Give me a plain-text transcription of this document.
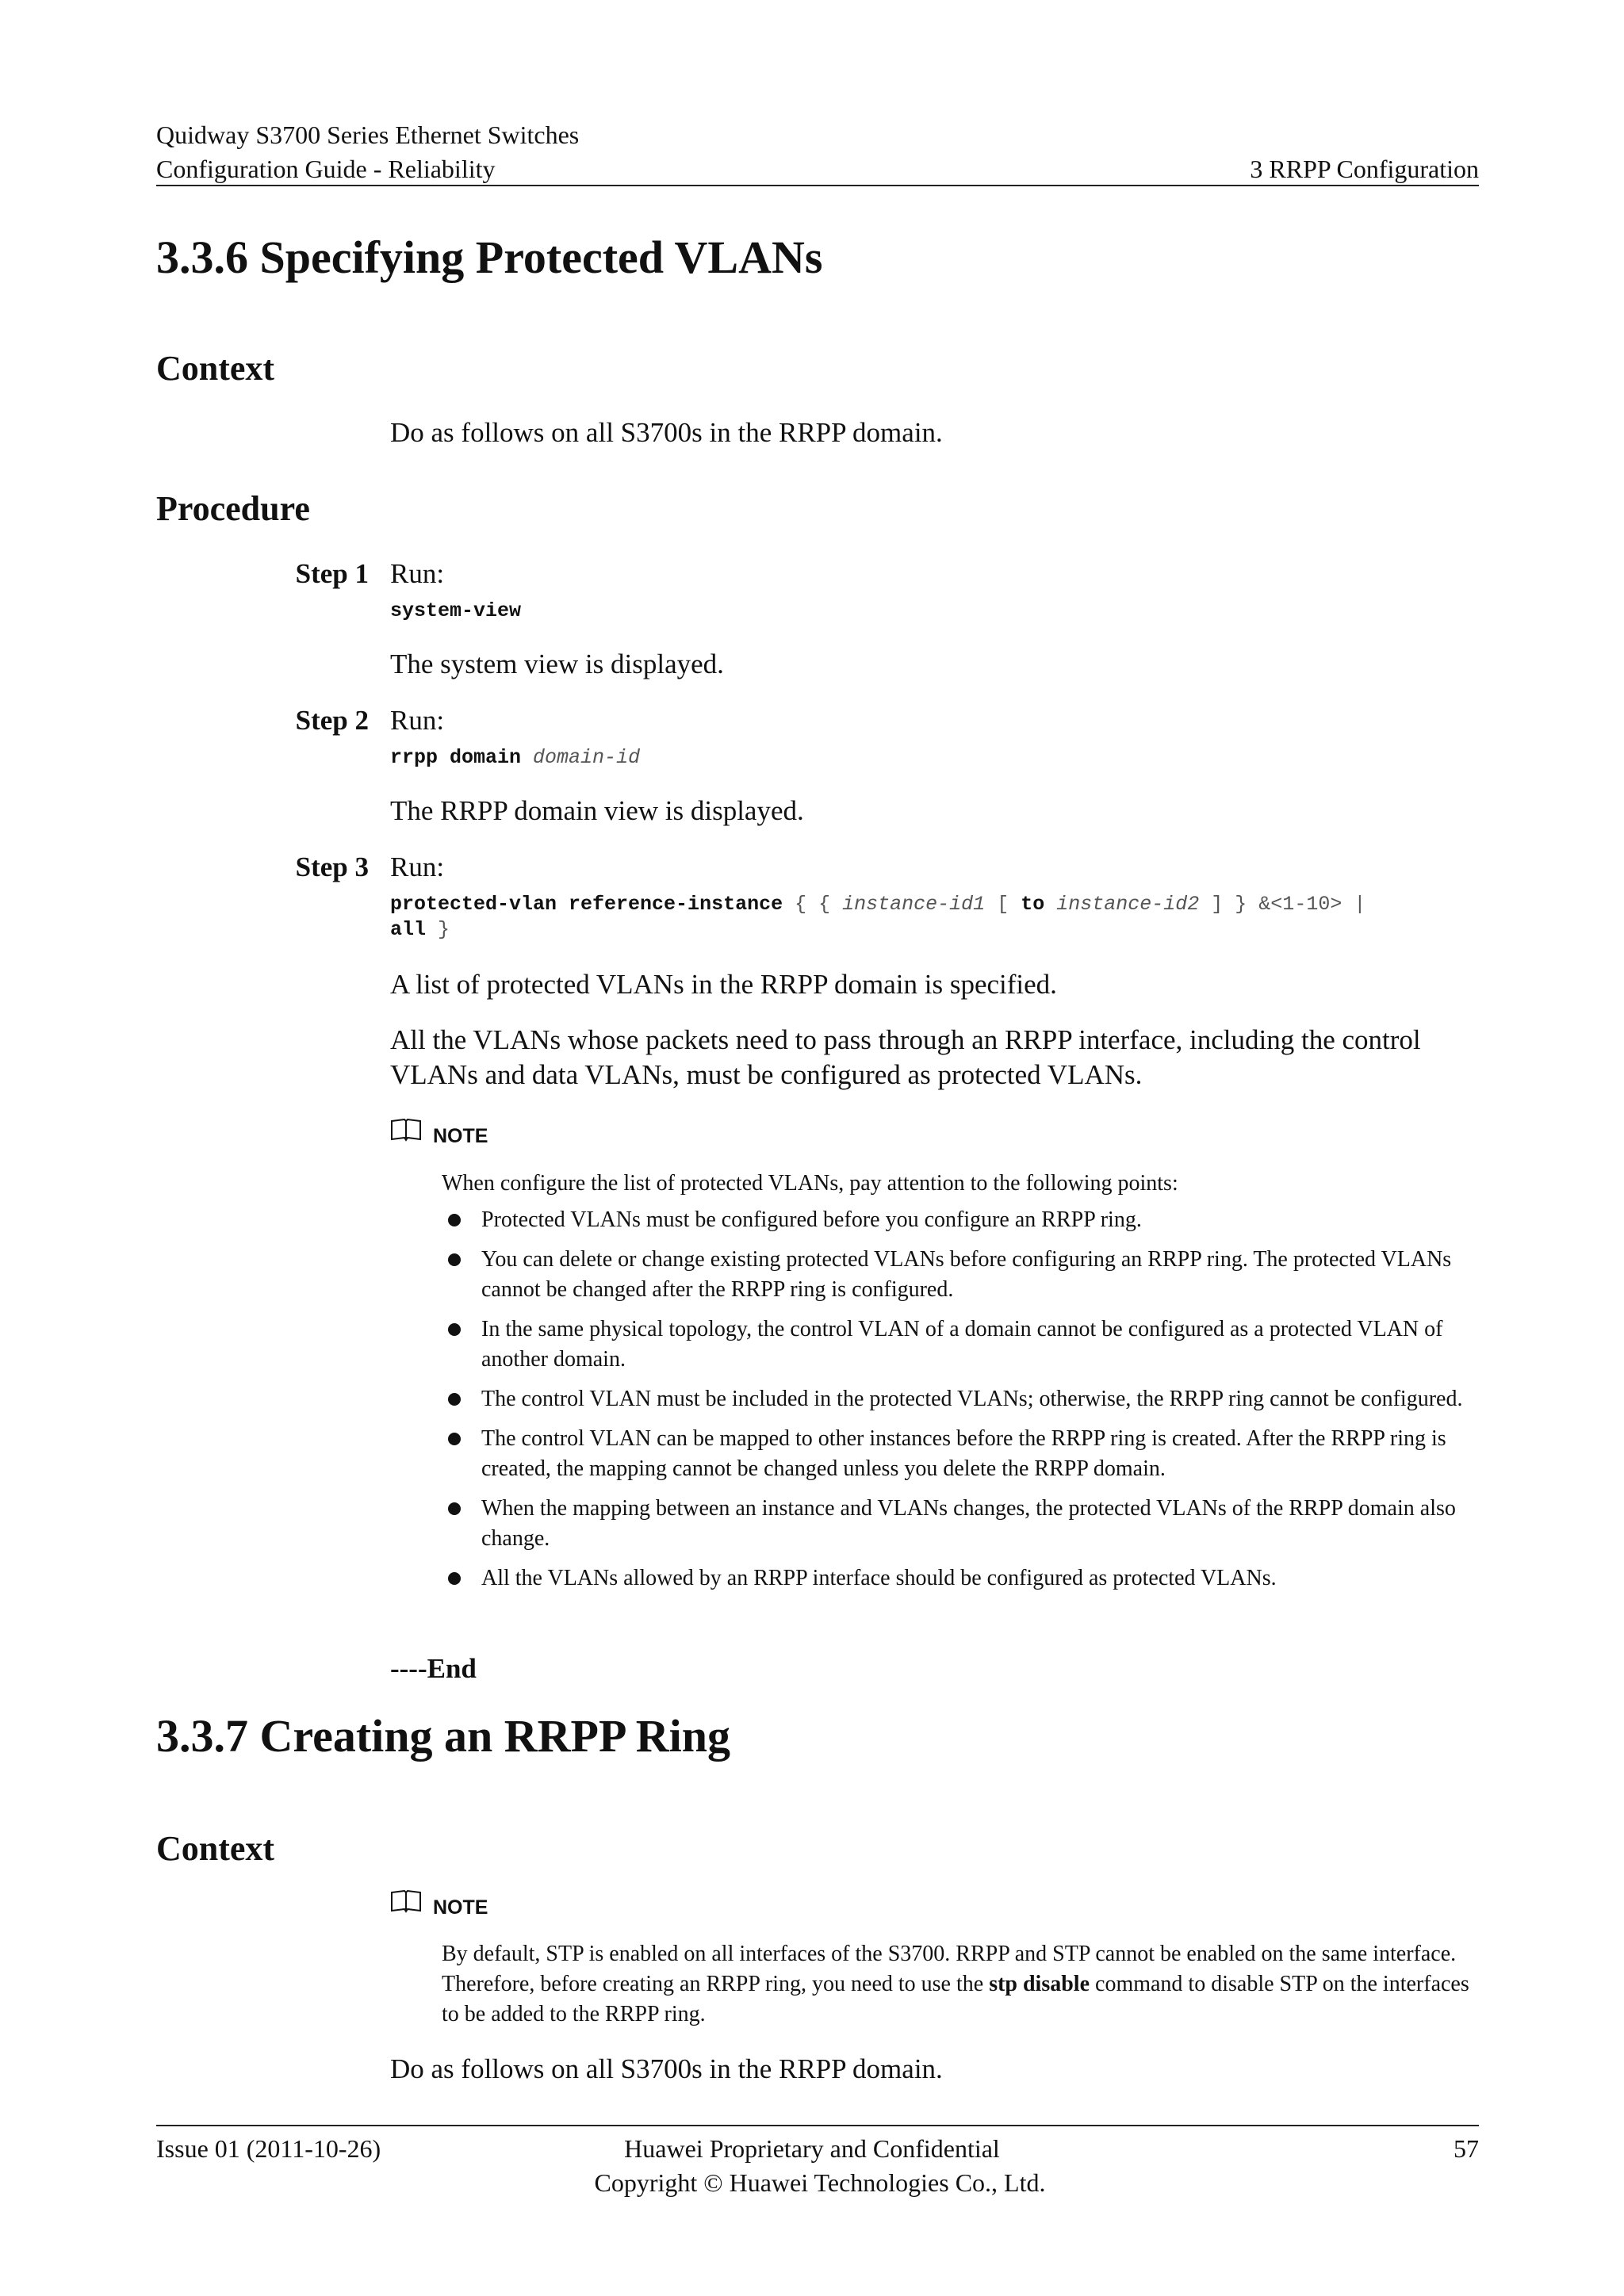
Quidway S3700 Series Ethernet Switches
Configuration Guide - Reliability	3 RRPP Configuration
3.3.6 Specifying Protected VLANs
Context
Do as follows on all S3700s in the RRPP domain.
Procedure
Step 1 Run:
system-view
The system view is displayed.
Step 2 Run:
rrpp domain domain-id
The RRPP domain view is displayed.
Step 3 Run:
protected-vlan reference-instance { { instance-id1 [ to instance-id2 ] } &<1-10> |
all }
A list of protected VLANs in the RRPP domain is specified.
All the VLANs whose packets need to pass through an RRPP interface, including the control VLANs and data VLANs, must be configured as protected VLANs.
NOTE
When configure the list of protected VLANs, pay attention to the following points:
Protected VLANs must be configured before you configure an RRPP ring.
You can delete or change existing protected VLANs before configuring an RRPP ring. The protected VLANs cannot be changed after the RRPP ring is configured.
In the same physical topology, the control VLAN of a domain cannot be configured as a protected VLAN of another domain.
The control VLAN must be included in the protected VLANs; otherwise, the RRPP ring cannot be configured.
The control VLAN can be mapped to other instances before the RRPP ring is created. After the RRPP ring is created, the mapping cannot be changed unless you delete the RRPP domain.
When the mapping between an instance and VLANs changes, the protected VLANs of the RRPP domain also change.
All the VLANs allowed by an RRPP interface should be configured as protected VLANs.
----End
3.3.7 Creating an RRPP Ring
Context
NOTE
By default, STP is enabled on all interfaces of the S3700. RRPP and STP cannot be enabled on the same interface. Therefore, before creating an RRPP ring, you need to use the stp disable command to disable STP on the interfaces to be added to the RRPP ring.
Do as follows on all S3700s in the RRPP domain.
Issue 01 (2011-10-26)	Huawei Proprietary and Confidential
Copyright © Huawei Technologies Co., Ltd.
57
